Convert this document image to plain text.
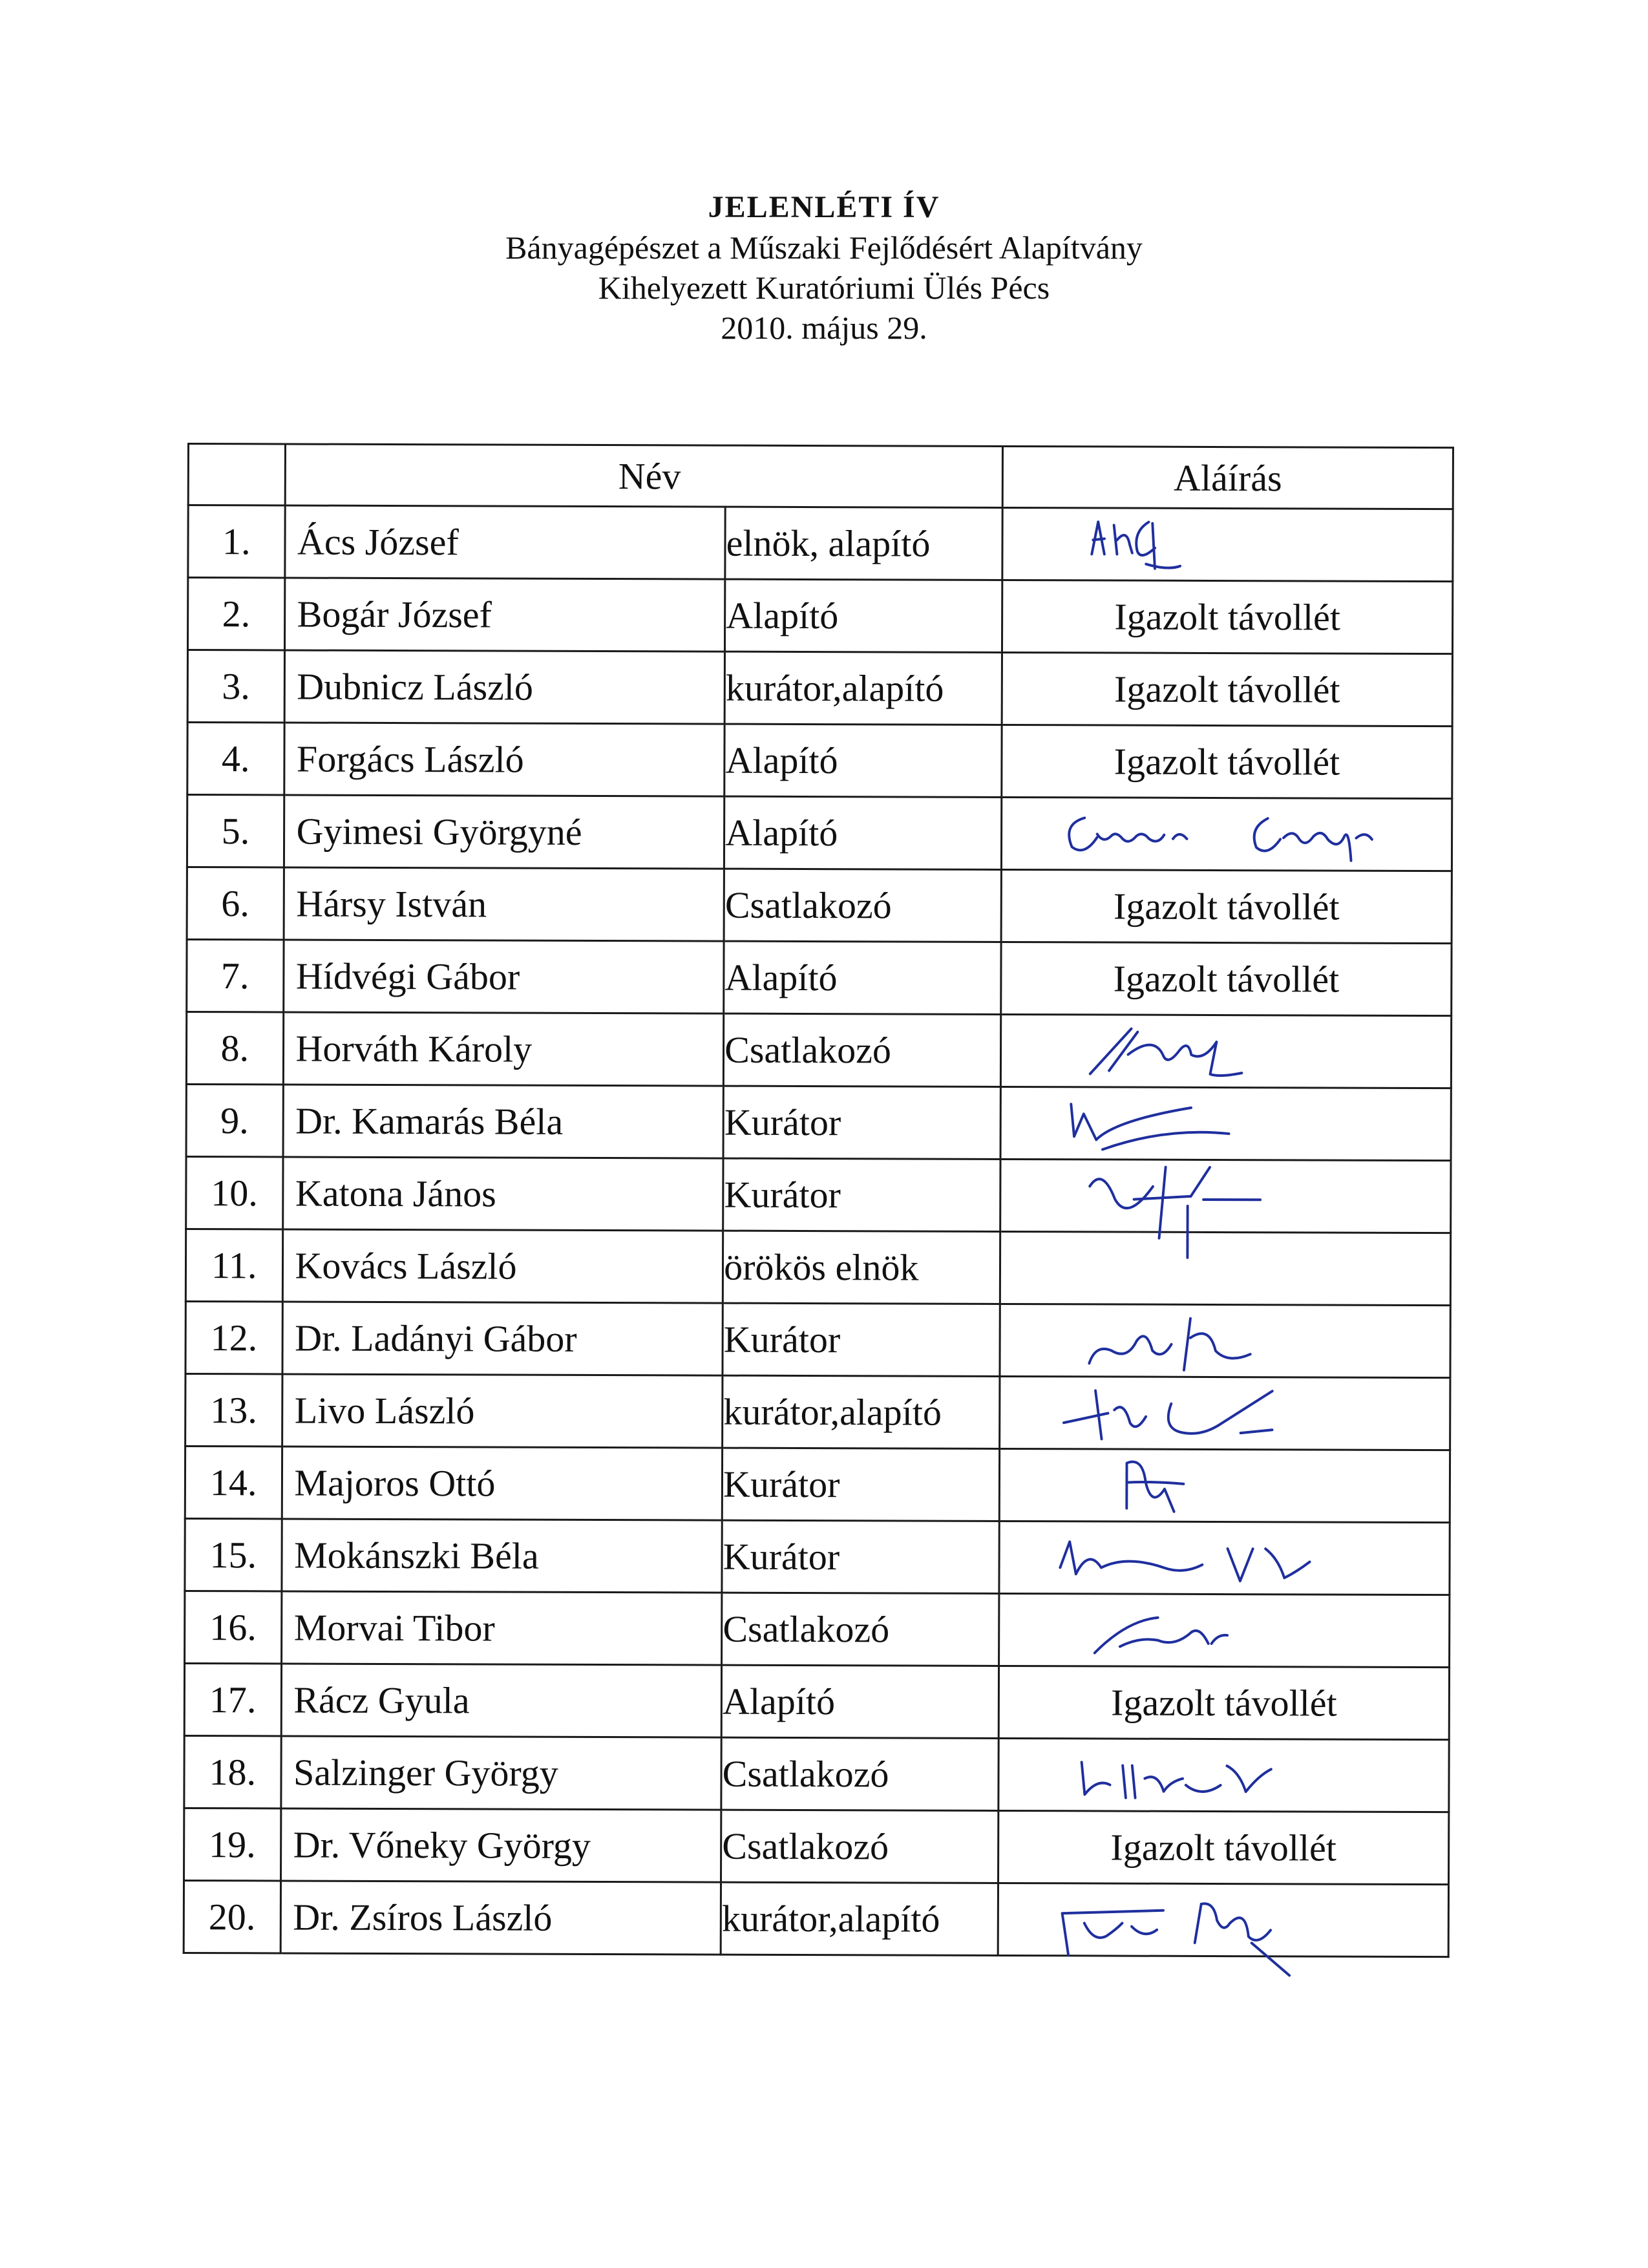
JELENLÉTI ÍV
Bányagépészet a Műszaki Fejlődésért Alapítvány
Kihelyezett Kuratóriumi Ülés Pécs
2010. május 29.
	Név		Aláírás
1.	Ács József	elnök, alapító	

2.	Bogár József	Alapító	Igazolt távollét
3.	Dubnicz László	kurátor,alapító	Igazolt távollét
4.	Forgács László	Alapító	Igazolt távollét
5.	Gyimesi Györgyné	Alapító	

6.	Hársy István	Csatlakozó	Igazolt távollét
7.	Hídvégi Gábor	Alapító	Igazolt távollét
8.	Horváth Károly	Csatlakozó	

9.	Dr. Kamarás Béla	Kurátor	

10.	Katona János	Kurátor	

11.	Kovács László	örökös elnök	
12.	Dr. Ladányi Gábor	Kurátor	

13.	Livo László	kurátor,alapító	

14.	Majoros Ottó	Kurátor	

15.	Mokánszki Béla	Kurátor	

16.	Morvai Tibor	Csatlakozó	

17.	Rácz Gyula	Alapító	Igazolt távollét
18.	Salzinger György	Csatlakozó	

19.	Dr. Vőneky György	Csatlakozó	Igazolt távollét
20.	Dr. Zsíros László	kurátor,alapító	
